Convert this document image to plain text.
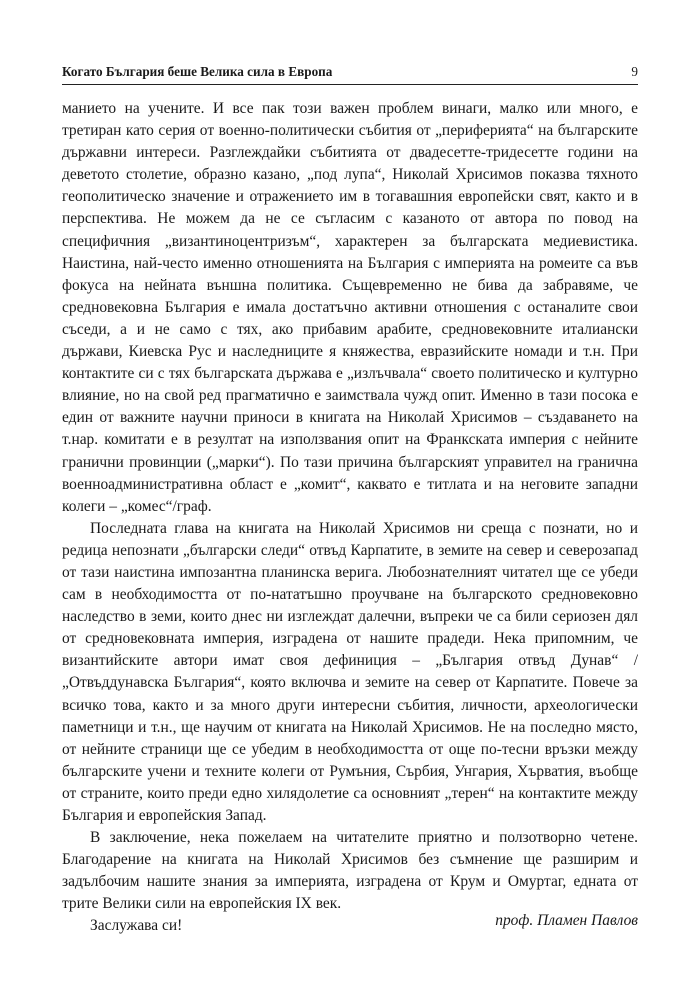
Когато България беше Велика сила в Европа	9

манието на учените. И все пак този важен проблем винаги, малко или много, е третиран като серия от военно-политически събития от „периферията“ на българските държавни интереси. Разглеждайки събитията от двадесетте-тридесетте години на деветото столетие, образно казано, „под лупа“, Николай Хрисимов показва тяхното геополитическо значение и отражението им в тогавашния европейски свят, както и в перспектива. Не можем да не се съгласим с казаното от автора по повод на специфичния „византиноцентризъм“, характерен за българската медиевистика. Наистина, най-често именно отношенията на България с империята на ромеите са във фокуса на нейната външна политика. Същевременно не бива да забравяме, че средновековна България е имала достатъчно активни отношения с останалите свои съседи, а и не само с тях, ако прибавим арабите, средновековните италиански държави, Киевска Рус и наследниците я княжества, евразийските номади и т.н. При контактите си с тях българската държава е „излъчвала“ своето политическо и културно влияние, но на свой ред прагматично е заимствала чужд опит. Именно в тази посока е един от важните научни приноси в книгата на Николай Хрисимов – създаването на т.нар. комитати е в резултат на използвания опит на Франкската империя с нейните гранични провинции („марки“). По тази причина българският управител на гранична военноадминистративна област е „комит“, каквато е титлата и на неговите западни колеги – „комес“/граф.

Последната глава на книгата на Николай Хрисимов ни среща с познати, но и редица непознати „български следи“ отвъд Карпатите, в земите на север и северозапад от тази наистина импозантна планинска верига. Любознателният читател ще се убеди сам в необходимостта от по-нататъшно проучване на българското средновековно наследство в земи, които днес ни изглеждат далечни, въпреки че са били сериозен дял от средновековната империя, изградена от нашите прадеди. Нека припомним, че византийските автори имат своя дефиниция – „България отвъд Дунав“ / „Отвъддунавска България“, която включва и земите на север от Карпатите. Повече за всичко това, както и за много други интересни събития, личности, археологически паметници и т.н., ще научим от книгата на Николай Хрисимов. Не на последно място, от нейните страници ще се убедим в необходимостта от още по-тесни връзки между българските учени и техните колеги от Румъния, Сърбия, Унгария, Хърватия, въобще от страните, които преди едно хилядолетие са основният „терен“ на контактите между България и европейския Запад.

В заключение, нека пожелаем на читателите приятно и ползотворно четене. Благодарение на книгата на Николай Хрисимов без съмнение ще разширим и задълбочим нашите знания за империята, изградена от Крум и Омуртаг, едната от трите Велики сили на европейския IX век.

Заслужава си!	проф. Пламен Павлов
